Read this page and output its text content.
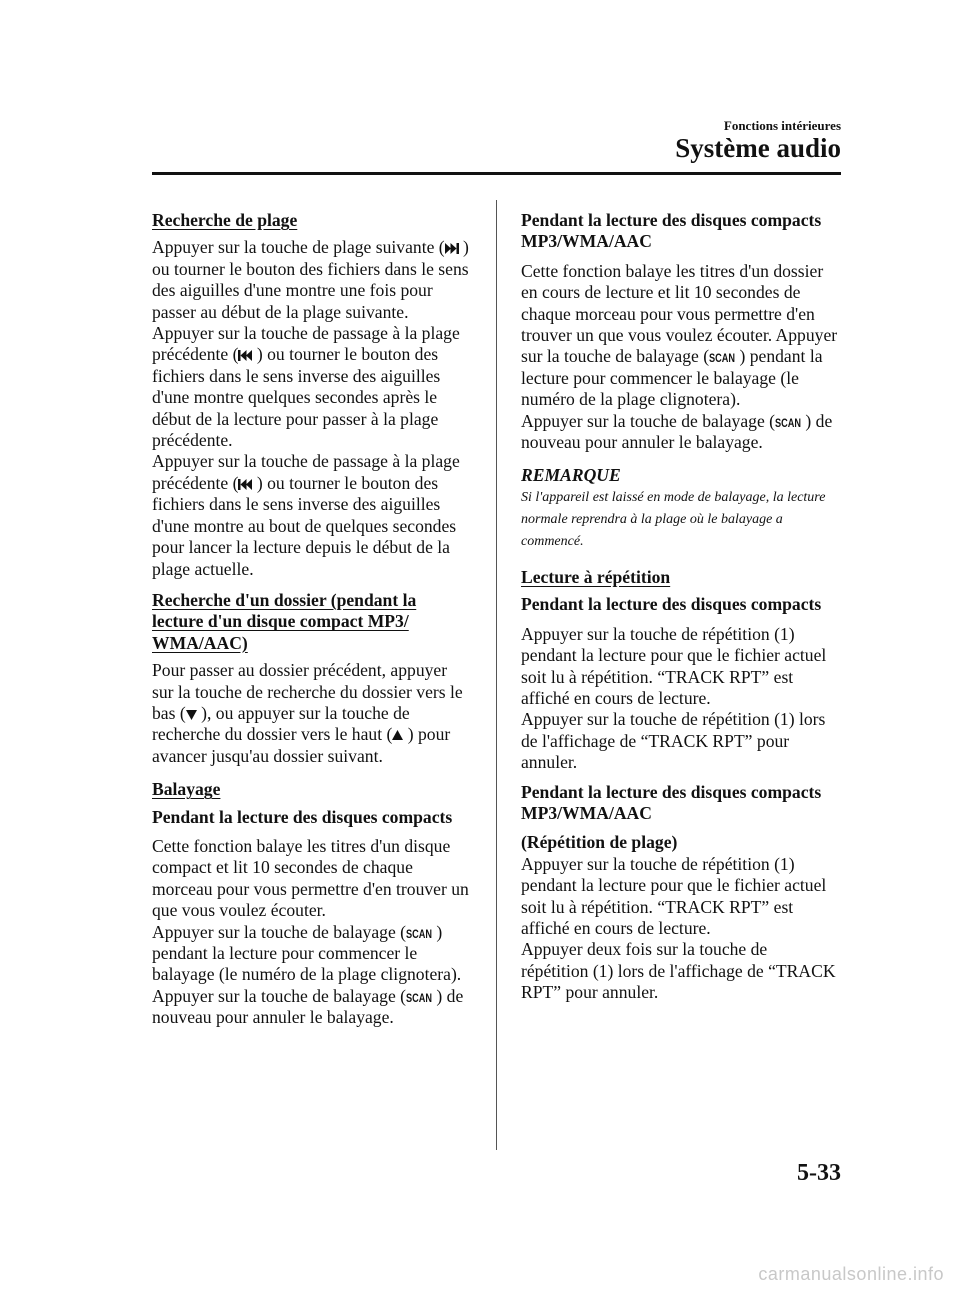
Fonctions intérieures
Système audio
Recherche de plage

Appuyer sur la touche de plage suivante (
) ou tourner le bouton des fichiers dans le sens des aiguilles d'une montre une fois pour passer au début de la plage suivante.

Appuyer sur la touche de passage à la plage précédente (
) ou tourner le bouton des fichiers dans le sens inverse des aiguilles d'une montre quelques secondes après le début de la lecture pour passer à la plage précédente.

Appuyer sur la touche de passage à la plage précédente (
) ou tourner le bouton des fichiers dans le sens inverse des aiguilles d'une montre au bout de quelques secondes pour lancer la lecture depuis le début de la plage actuelle.

Recherche d'un dossier (pendant la lecture d'un disque compact MP3/ WMA/AAC)

Pour passer au dossier précédent, appuyer sur la touche de recherche du dossier vers le bas (
), ou appuyer sur la touche de recherche du dossier vers le haut (
) pour avancer jusqu'au dossier suivant.

Balayage
Pendant la lecture des disques compacts

Cette fonction balaye les titres d'un disque compact et lit 10 secondes de chaque morceau pour vous permettre d'en trouver un que vous voulez écouter.

Appuyer sur la touche de balayage ( SCAN ) pendant la lecture pour commencer le balayage (le numéro de la plage clignotera). Appuyer sur la touche de balayage ( SCAN ) de nouveau pour annuler le balayage.

Pendant la lecture des disques compacts MP3/WMA/AAC

Cette fonction balaye les titres d'un dossier en cours de lecture et lit 10 secondes de chaque morceau pour vous permettre d'en trouver un que vous voulez écouter. Appuyer sur la touche de balayage ( SCAN ) pendant la lecture pour commencer le balayage (le numéro de la plage clignotera).

Appuyer sur la touche de balayage ( SCAN ) de nouveau pour annuler le balayage.

REMARQUE
Si l'appareil est laissé en mode de balayage, la lecture normale reprendra à la plage où le balayage a commencé.
Lecture à répétition
Pendant la lecture des disques compacts

Appuyer sur la touche de répétition (1) pendant la lecture pour que le fichier actuel soit lu à répétition. “TRACK RPT” est affiché en cours de lecture.

Appuyer sur la touche de répétition (1) lors de l'affichage de “TRACK RPT” pour annuler.

Pendant la lecture des disques compacts MP3/WMA/AAC
(Répétition de plage)

Appuyer sur la touche de répétition (1) pendant la lecture pour que le fichier actuel soit lu à répétition. “TRACK RPT” est affiché en cours de lecture.

Appuyer deux fois sur la touche de répétition (1) lors de l'affichage de “TRACK RPT” pour annuler.

5-33
carmanualsonline.info
